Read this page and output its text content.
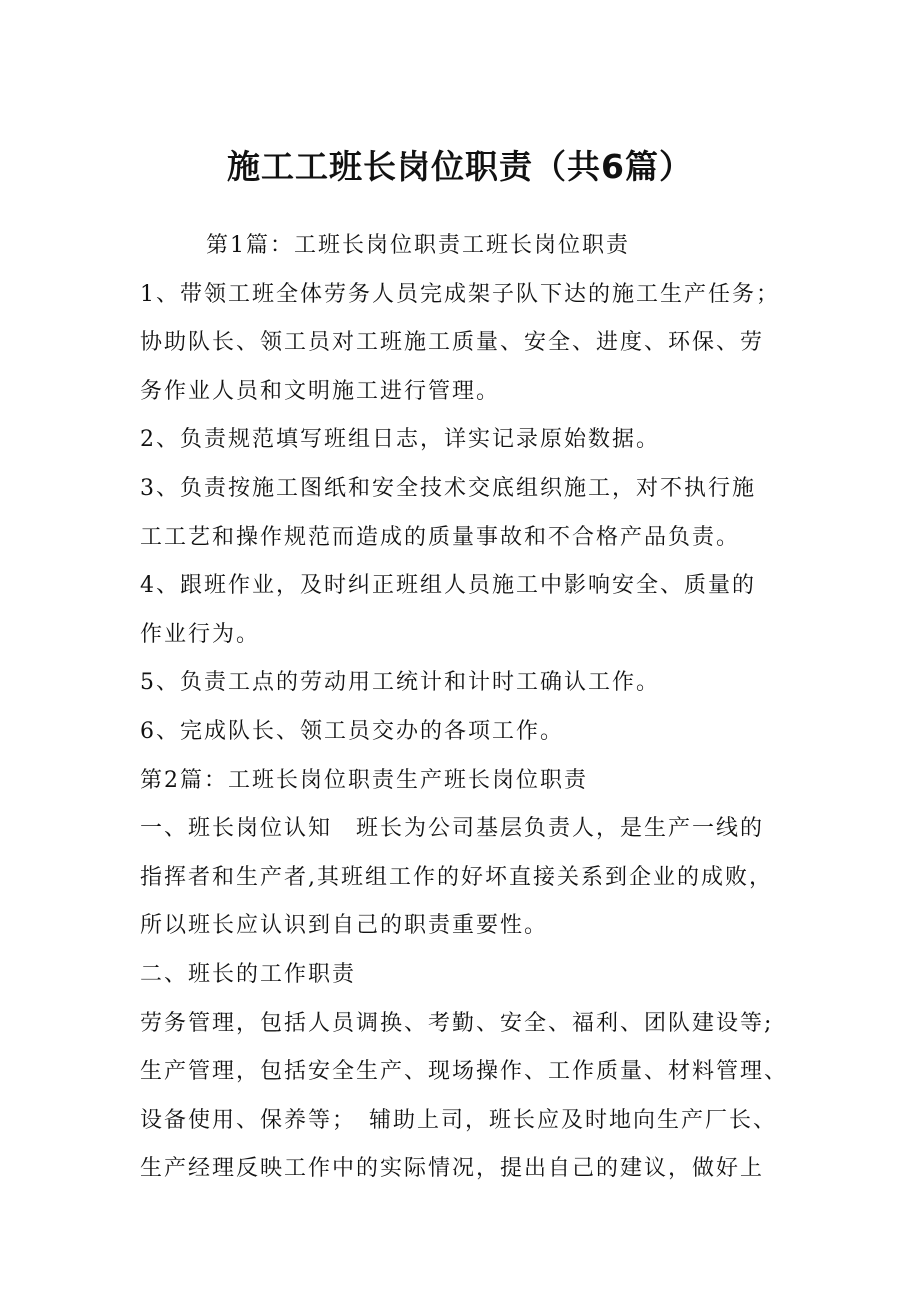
施工工班长岗位职责（共6篇）

第1篇：工班长岗位职责工班长岗位职责

1、带领工班全体劳务人员完成架子队下达的施工生产任务；

协助队长、领工员对工班施工质量、安全、进度、环保、劳

务作业人员和文明施工进行管理。

2、负责规范填写班组日志，详实记录原始数据。

3、负责按施工图纸和安全技术交底组织施工，对不执行施

工工艺和操作规范而造成的质量事故和不合格产品负责。

4、跟班作业，及时纠正班组人员施工中影响安全、质量的

作业行为。

5、负责工点的劳动用工统计和计时工确认工作。

6、完成队长、领工员交办的各项工作。

第2篇：工班长岗位职责生产班长岗位职责

一、班长岗位认知　班长为公司基层负责人，是生产一线的

指挥者和生产者,其班组工作的好坏直接关系到企业的成败，

所以班长应认识到自己的职责重要性。

二、班长的工作职责

劳务管理，包括人员调换、考勤、安全、福利、团队建设等;

生产管理，包括安全生产、现场操作、工作质量、材料管理、

设备使用、保养等；　辅助上司，班长应及时地向生产厂长、

生产经理反映工作中的实际情况，提出自己的建议，做好上
